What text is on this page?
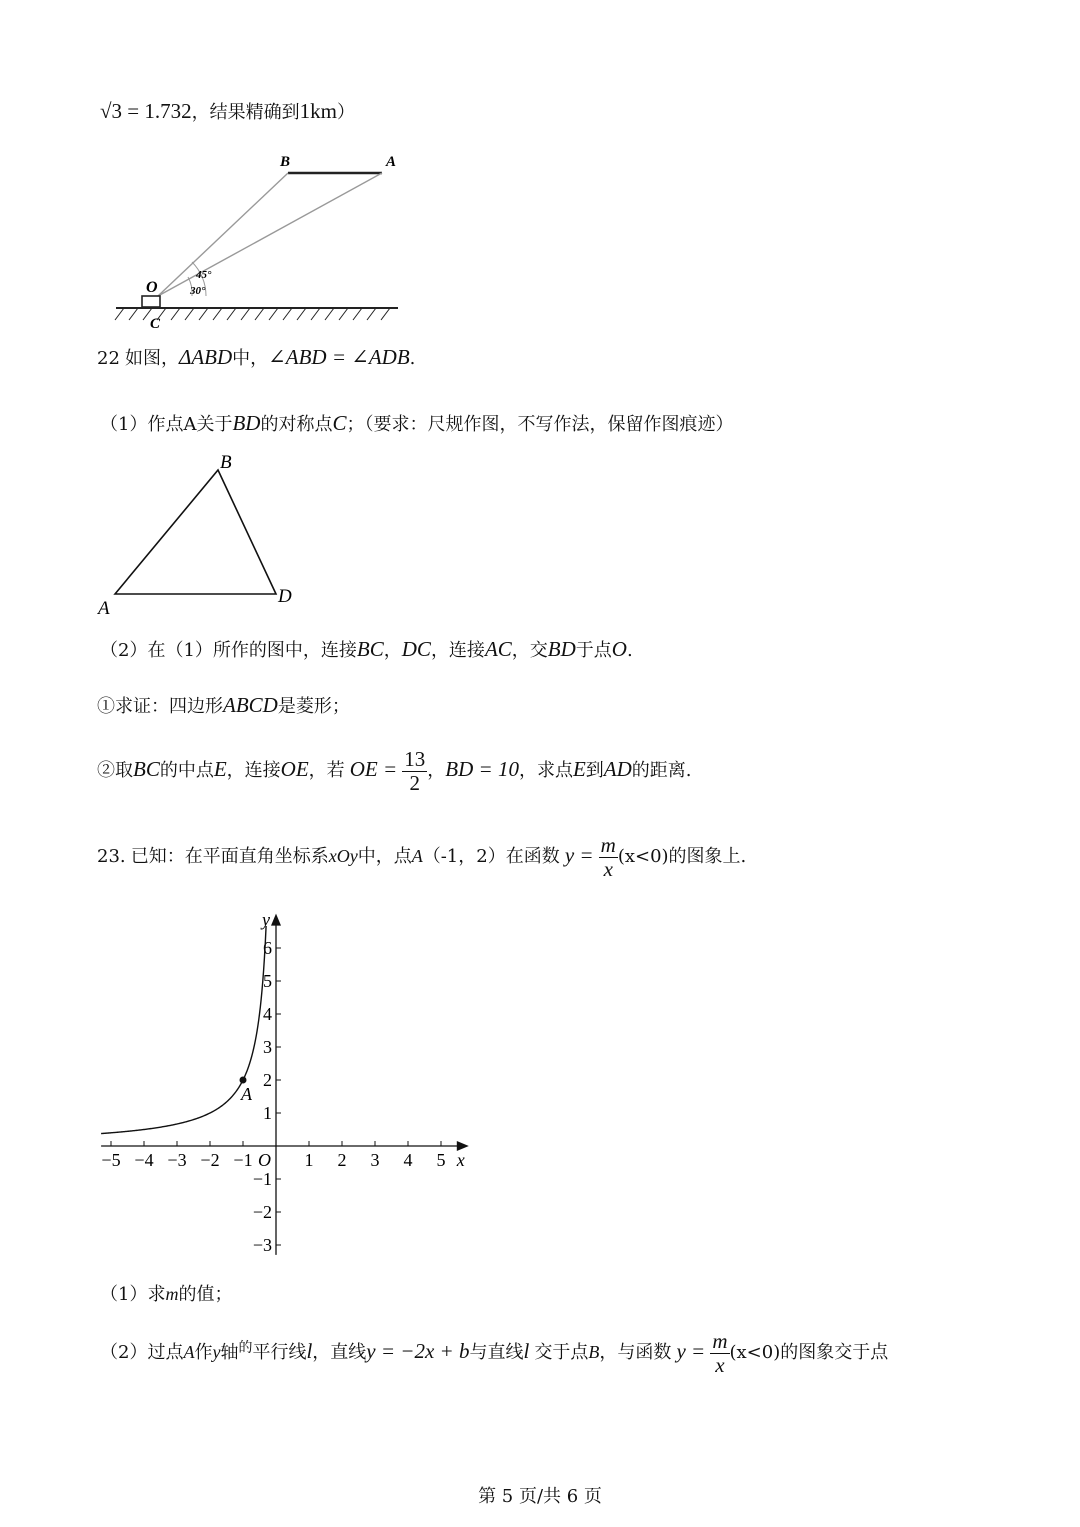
√3 = 1.732，结果精确到1km）
B	A
O
C
45°
30°
22 如图，ΔABD中，∠ABD = ∠ADB.
（1）作点A关于BD的对称点C；（要求：尺规作图，不写作法，保留作图痕迹）
B
A
D
（2）在（1）所作的图中，连接BC，DC，连接AC，交BD于点O.
①求证：四边形ABCD是菱形；
②取BC的中点E，连接OE，若 OE = $\frac{13}{2}$ ，BD = 10，求点E到AD的距离.
23. 已知：在平面直角坐标系xOy中，点A（-1，2）在函数 $y = \frac{m}{x} (x<0)$的图象上.
−5 −4 −3 −2 −1	1 2 3 4 5
−3
−2
−1
1
2
3
4
5
6
x
y
O
A
（1）求m的值；
（2）过点A作y轴的平行线l，直线y = −2x + b与直线l 交于点B，与函数 $y = \frac{m}{x} (x<0)$的图象交于点
第 5 页/共 6 页
